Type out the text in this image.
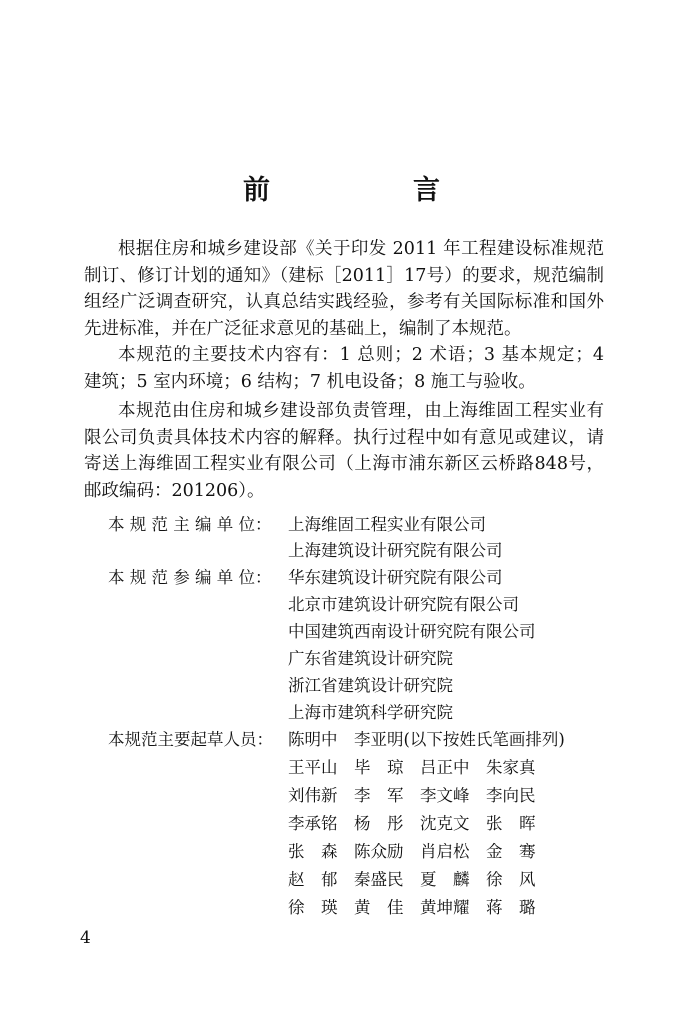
前　言

根据住房和城乡建设部《关于印发 2011 年工程建设标准规范制订、修订计划的通知》（建标［2011］17号）的要求，规范编制组经广泛调查研究，认真总结实践经验，参考有关国际标准和国外先进标准，并在广泛征求意见的基础上，编制了本规范。

本规范的主要技术内容有：1 总则；2 术语；3 基本规定；4 建筑；5 室内环境；6 结构；7 机电设备；8 施工与验收。

本规范由住房和城乡建设部负责管理，由上海维固工程实业有限公司负责具体技术内容的解释。执行过程中如有意见或建议，请寄送上海维固工程实业有限公司（上海市浦东新区云桥路848号，邮政编码：201206）。

本 规 范 主 编 单 位： 上海维固工程实业有限公司
上海建筑设计研究院有限公司
本 规 范 参 编 单 位： 华东建筑设计研究院有限公司
北京市建筑设计研究院有限公司
中国建筑西南设计研究院有限公司
广东省建筑设计研究院
浙江省建筑设计研究院
上海市建筑科学研究院
本规范主要起草人员： 陈明中　李亚明(以下按姓氏笔画排列)
王平山　毕　琼　吕正中　朱家真
刘伟新　李　军　李文峰　李向民
李承铭　杨　彤　沈克文　张　晖
张　森　陈众励　肖启松　金　骞
赵　郁　秦盛民　夏　麟　徐　风
徐　瑛　黄　佳　黄坤耀　蒋　璐
4
